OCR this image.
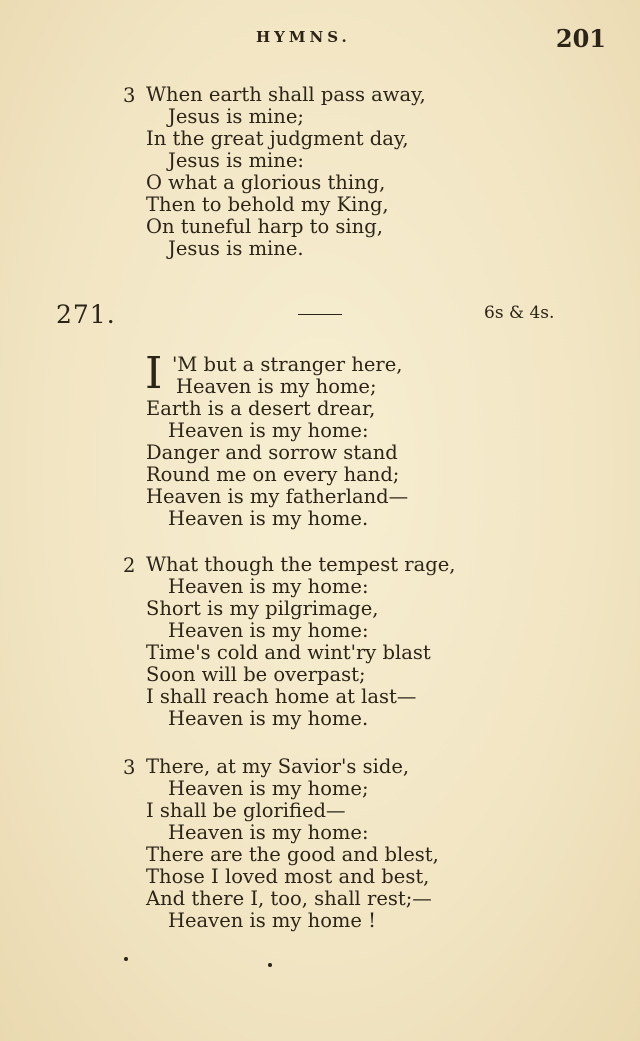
HYMNS.	201
3 When earth shall pass away,
Jesus is mine;
In the great judgment day,
Jesus is mine:
O what a glorious thing,
Then to behold my King,
On tuneful harp to sing,
Jesus is mine.
271.	6s & 4s.
I 'M but a stranger here,
Heaven is my home;
Earth is a desert drear,
Heaven is my home:
Danger and sorrow stand
Round me on every hand;
Heaven is my fatherland—
Heaven is my home.
2 What though the tempest rage,
Heaven is my home:
Short is my pilgrimage,
Heaven is my home:
Time's cold and wint'ry blast
Soon will be overpast;
I shall reach home at last—
Heaven is my home.
3 There, at my Savior's side,
Heaven is my home;
I shall be glorified—
Heaven is my home:
There are the good and blest,
Those I loved most and best,
And there I, too, shall rest;—
Heaven is my home !
